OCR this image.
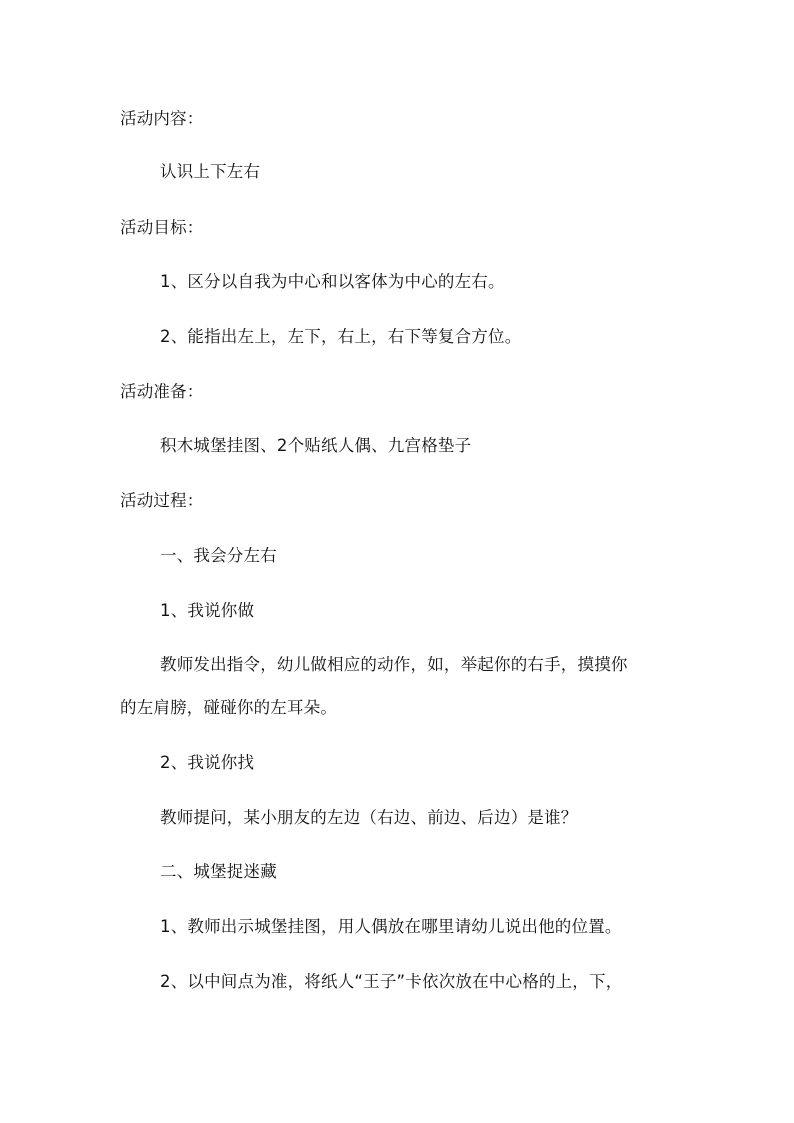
活动内容：
认识上下左右
活动目标：
1、区分以自我为中心和以客体为中心的左右。
2、能指出左上，左下，右上，右下等复合方位。
活动准备：
积木城堡挂图、2个贴纸人偶、九宫格垫子
活动过程：
一、我会分左右
1、我说你做
教师发出指令，幼儿做相应的动作，如，举起你的右手，摸摸你
的左肩膀，碰碰你的左耳朵。
2、我说你找
教师提问，某小朋友的左边（右边、前边、后边）是谁？
二、城堡捉迷藏
1、教师出示城堡挂图，用人偶放在哪里请幼儿说出他的位置。
2、以中间点为准，将纸人“王子”卡依次放在中心格的上，下，
